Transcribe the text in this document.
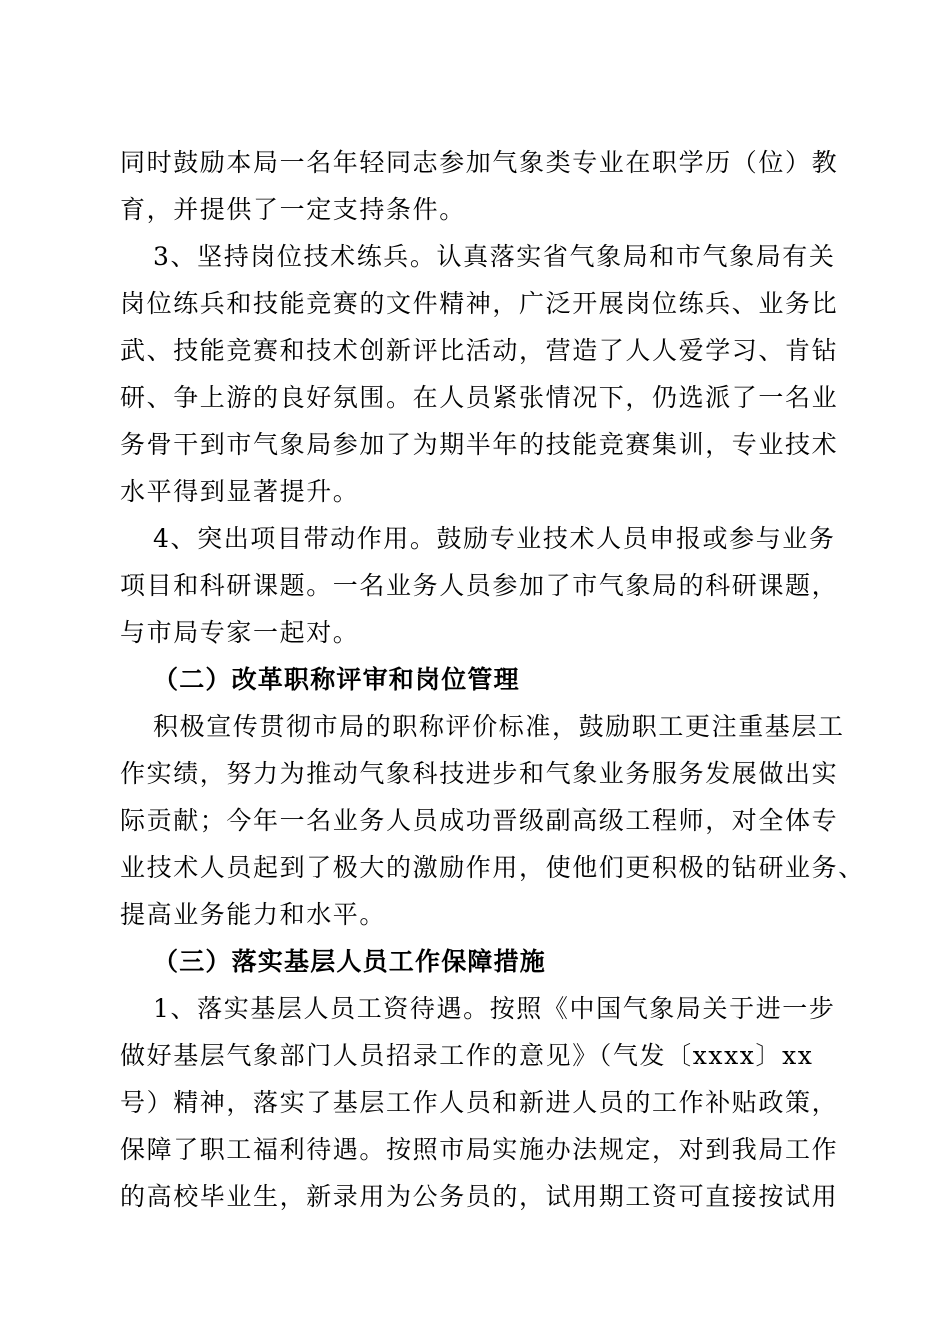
同时鼓励本局一名年轻同志参加气象类专业在职学历（位）教
育，并提供了一定支持条件。
3、坚持岗位技术练兵。认真落实省气象局和市气象局有关
岗位练兵和技能竞赛的文件精神，广泛开展岗位练兵、业务比
武、技能竞赛和技术创新评比活动，营造了人人爱学习、肯钻
研、争上游的良好氛围。在人员紧张情况下，仍选派了一名业
务骨干到市气象局参加了为期半年的技能竞赛集训，专业技术
水平得到显著提升。
4、突出项目带动作用。鼓励专业技术人员申报或参与业务
项目和科研课题。一名业务人员参加了市气象局的科研课题，
与市局专家一起对。
（二）改革职称评审和岗位管理
积极宣传贯彻市局的职称评价标准，鼓励职工更注重基层工
作实绩，努力为推动气象科技进步和气象业务服务发展做出实
际贡献；今年一名业务人员成功晋级副高级工程师，对全体专
业技术人员起到了极大的激励作用，使他们更积极的钻研业务、
提高业务能力和水平。
（三）落实基层人员工作保障措施
1、落实基层人员工资待遇。按照《中国气象局关于进一步
做好基层气象部门人员招录工作的意见》（气发〔xxxx〕xx
号）精神，落实了基层工作人员和新进人员的工作补贴政策，
保障了职工福利待遇。按照市局实施办法规定，对到我局工作
的高校毕业生，新录用为公务员的，试用期工资可直接按试用
